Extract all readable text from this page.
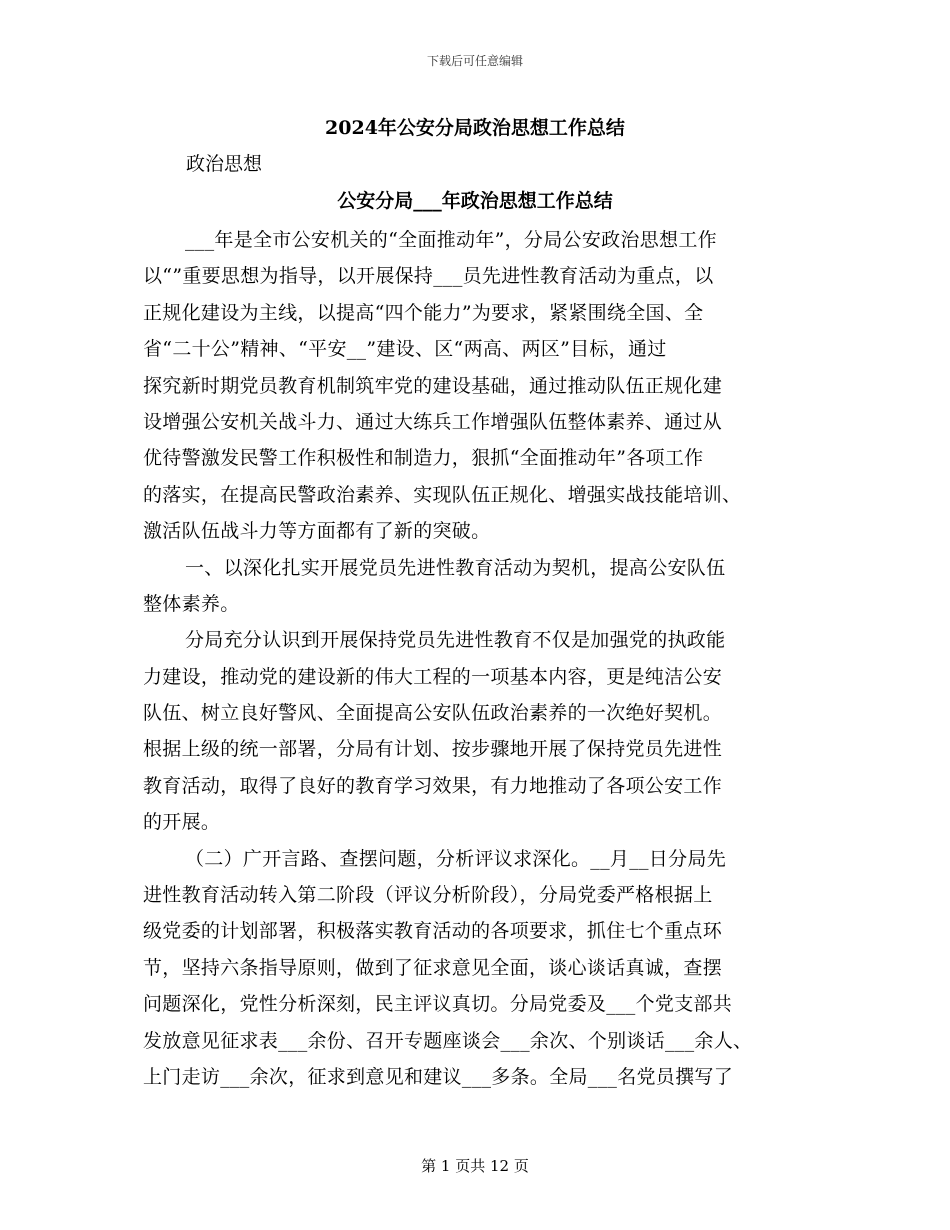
下载后可任意编辑
2024年公安分局政治思想工作总结
政治思想
公安分局___年政治思想工作总结
___年是全市公安机关的“全面推动年”，分局公安政治思想工作
以“”重要思想为指导，以开展保持___员先进性教育活动为重点，以
正规化建设为主线，以提高“四个能力”为要求，紧紧围绕全国、全
省“二十公”精神、“平安__”建设、区“两高、两区”目标，通过
探究新时期党员教育机制筑牢党的建设基础，通过推动队伍正规化建
设增强公安机关战斗力、通过大练兵工作增强队伍整体素养、通过从
优待警激发民警工作积极性和制造力，狠抓“全面推动年”各项工作
的落实，在提高民警政治素养、实现队伍正规化、增强实战技能培训、
激活队伍战斗力等方面都有了新的突破。
一、以深化扎实开展党员先进性教育活动为契机，提高公安队伍
整体素养。
分局充分认识到开展保持党员先进性教育不仅是加强党的执政能
力建设，推动党的建设新的伟大工程的一项基本内容，更是纯洁公安
队伍、树立良好警风、全面提高公安队伍政治素养的一次绝好契机。
根据上级的统一部署，分局有计划、按步骤地开展了保持党员先进性
教育活动，取得了良好的教育学习效果，有力地推动了各项公安工作
的开展。
（二）广开言路、查摆问题，分析评议求深化。__月__日分局先
进性教育活动转入第二阶段（评议分析阶段），分局党委严格根据上
级党委的计划部署，积极落实教育活动的各项要求，抓住七个重点环
节，坚持六条指导原则，做到了征求意见全面，谈心谈话真诚，查摆
问题深化，党性分析深刻，民主评议真切。分局党委及___个党支部共
发放意见征求表___余份、召开专题座谈会___余次、个别谈话___余人、
上门走访___余次，征求到意见和建议___多条。全局___名党员撰写了
第 1 页共 12 页
